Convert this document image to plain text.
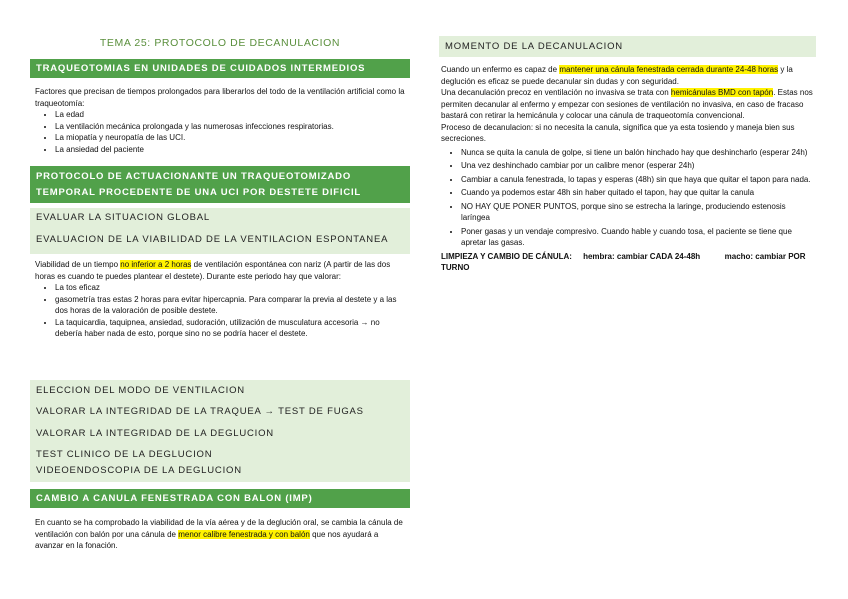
TEMA 25: PROTOCOLO DE DECANULACION
TRAQUEOTOMIAS EN UNIDADES DE CUIDADOS INTERMEDIOS
Factores que precisan de tiempos prolongados para liberarlos del todo de la ventilación artificial como la traqueotomía:
• La edad
• La ventilación mecánica prolongada y las numerosas infecciones respiratorias.
• La miopatía y neuropatía de las UCI.
• La ansiedad del paciente
PROTOCOLO DE ACTUACIONANTE UN TRAQUEOTOMIZADO TEMPORAL PROCEDENTE DE UNA UCI POR DESTETE DIFICIL
EVALUAR LA SITUACION GLOBAL
EVALUACION DE LA VIABILIDAD DE LA VENTILACION ESPONTANEA
Viabilidad de un tiempo no inferior a 2 horas de ventilación espontánea con nariz (A partir de las dos horas es cuando te puedes plantear el destete). Durante este periodo hay que valorar:
• La tos eficaz
• gasometría tras estas 2 horas para evitar hipercapnia. Para comparar la previa al destete y a las dos horas de la valoración de posible destete.
• La taquicardia, taquipnea, ansiedad, sudoración, utilización de musculatura accesoria → no debería haber nada de esto, porque sino no se podría hacer el destete.
ELECCION DEL MODO DE VENTILACION
VALORAR LA INTEGRIDAD DE LA TRAQUEA → TEST DE FUGAS
VALORAR LA INTEGRIDAD DE LA DEGLUCION
TEST CLINICO DE LA DEGLUCION
VIDEOENDOSCOPIA DE LA DEGLUCION
CAMBIO A CANULA FENESTRADA CON BALON (IMP)
En cuanto se ha comprobado la viabilidad de la vía aérea y de la deglución oral, se cambia la cánula de ventilación con balón por una cánula de menor calibre fenestrada y con balón que nos ayudará a avanzar en la fonación.
MOMENTO DE LA DECANULACION
Cuando un enfermo es capaz de mantener una cánula fenestrada cerrada durante 24-48 horas y la deglución es eficaz se puede decanular sin dudas y con seguridad.
Una decanulación precoz en ventilación no invasiva se trata con hemicánulas BMD con tapón. Estas nos permiten decanular al enfermo y empezar con sesiones de ventilación no invasiva, en caso de fracaso bastará con retirar la hemicánula y colocar una cánula de traqueotomía convencional.
Proceso de decanulacion: si no necesita la canula, significa que ya esta tosiendo y maneja bien sus secreciones.
• Nunca se quita la canula de golpe, si tiene un balón hinchado hay que deshincharlo (esperar 24h)
• Una vez deshinchado cambiar por un calibre menor (esperar 24h)
• Cambiar a canula fenestrada, lo tapas y esperas (48h) sin que haya que quitar el tapon para nada.
• Cuando ya podemos estar 48h sin haber quitado el tapon, hay que quitar la canula
• NO HAY QUE PONER PUNTOS, porque sino se estrecha la laringe, produciendo estenosis laríngea
• Poner gasas y un vendaje compresivo. Cuando hable y cuando tosa, el paciente se tiene que apretar las gasas.
LIMPIEZA Y CAMBIO DE CÁNULA: hembra: cambiar CADA 24-48h	macho: cambiar POR TURNO
